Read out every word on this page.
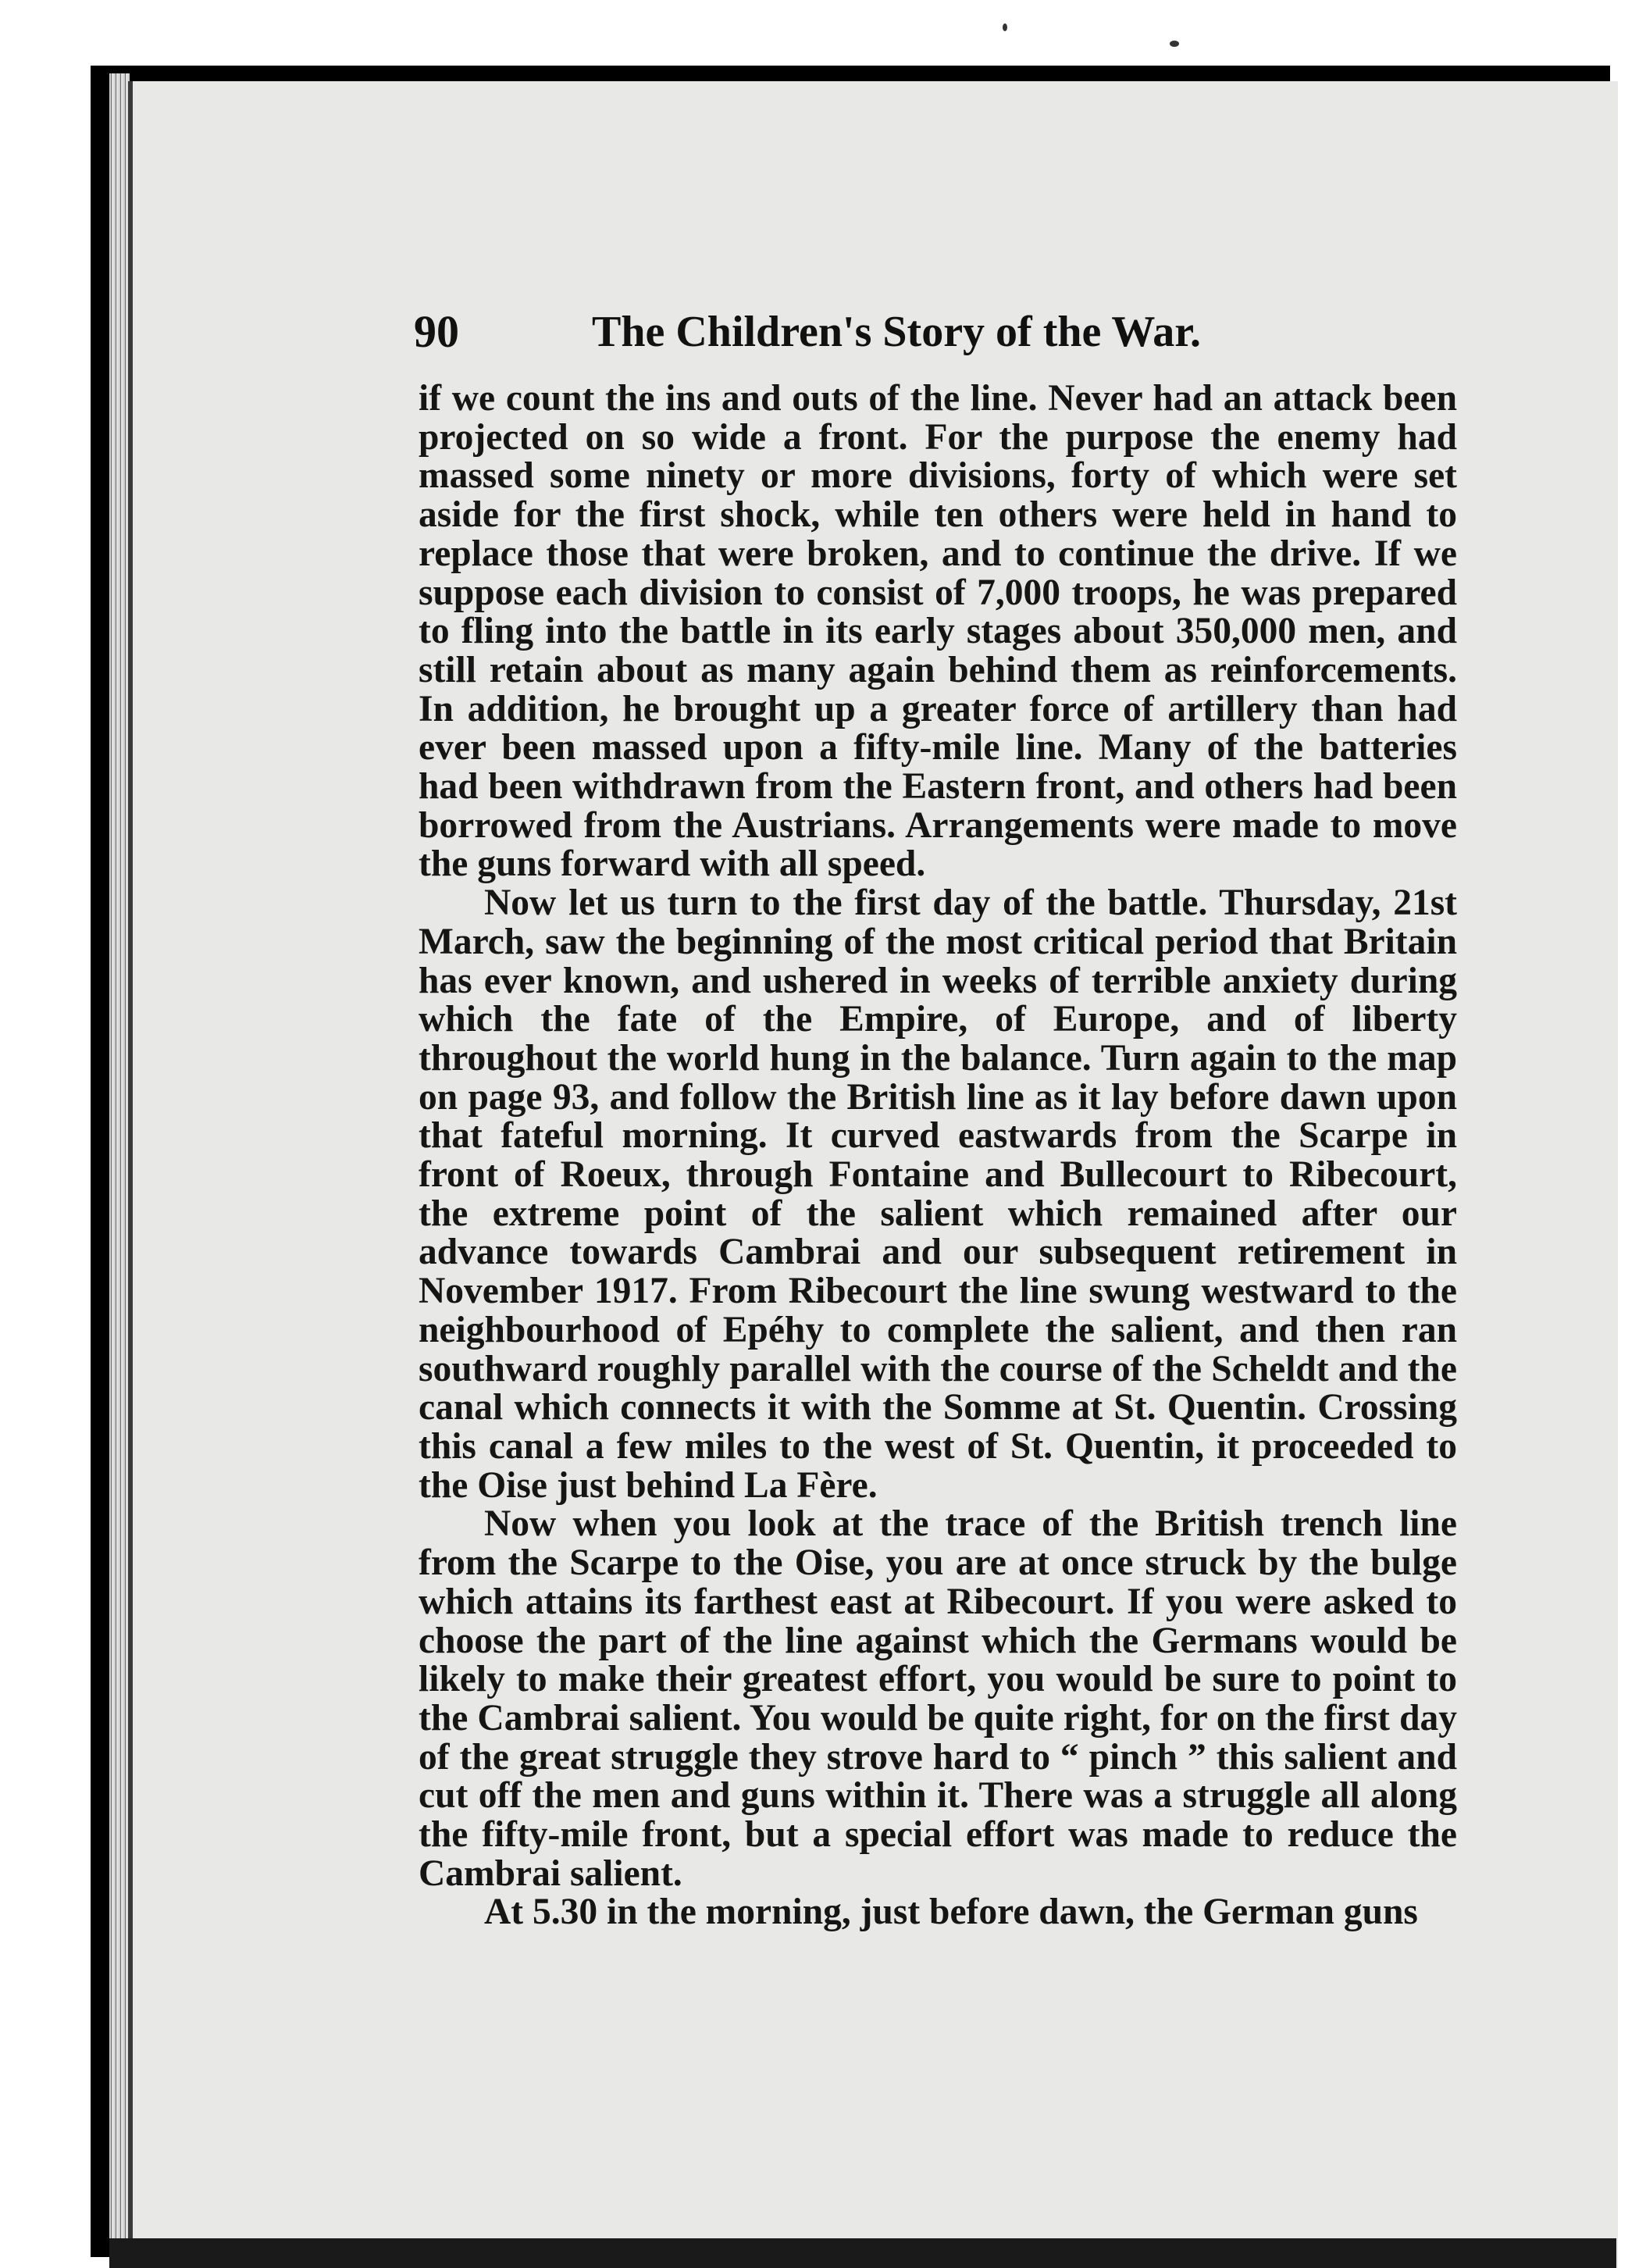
90	The Children's Story of the War.

if we count the ins and outs of the line. Never had an attack been projected on so wide a front. For the purpose the enemy had massed some ninety or more divisions, forty of which were set aside for the first shock, while ten others were held in hand to replace those that were broken, and to continue the drive. If we suppose each division to consist of 7,000 troops, he was prepared to fling into the battle in its early stages about 350,000 men, and still retain about as many again behind them as reinforcements. In addition, he brought up a greater force of artillery than had ever been massed upon a fifty-mile line. Many of the batteries had been withdrawn from the Eastern front, and others had been borrowed from the Austrians. Arrangements were made to move the guns forward with all speed.

Now let us turn to the first day of the battle. Thursday, 21st March, saw the beginning of the most critical period that Britain has ever known, and ushered in weeks of terrible anxiety during which the fate of the Empire, of Europe, and of liberty throughout the world hung in the balance. Turn again to the map on page 93, and follow the British line as it lay before dawn upon that fateful morning. It curved eastwards from the Scarpe in front of Roeux, through Fontaine and Bullecourt to Ribecourt, the extreme point of the salient which remained after our advance towards Cambrai and our subsequent retirement in November 1917. From Ribecourt the line swung westward to the neighbourhood of Epéhy to complete the salient, and then ran southward roughly parallel with the course of the Scheldt and the canal which connects it with the Somme at St. Quentin. Crossing this canal a few miles to the west of St. Quentin, it proceeded to the Oise just behind La Fère.

Now when you look at the trace of the British trench line from the Scarpe to the Oise, you are at once struck by the bulge which attains its farthest east at Ribecourt. If you were asked to choose the part of the line against which the Germans would be likely to make their greatest effort, you would be sure to point to the Cambrai salient. You would be quite right, for on the first day of the great struggle they strove hard to “ pinch ” this salient and cut off the men and guns within it. There was a struggle all along the fifty-mile front, but a special effort was made to reduce the Cambrai salient.

At 5.30 in the morning, just before dawn, the German guns
